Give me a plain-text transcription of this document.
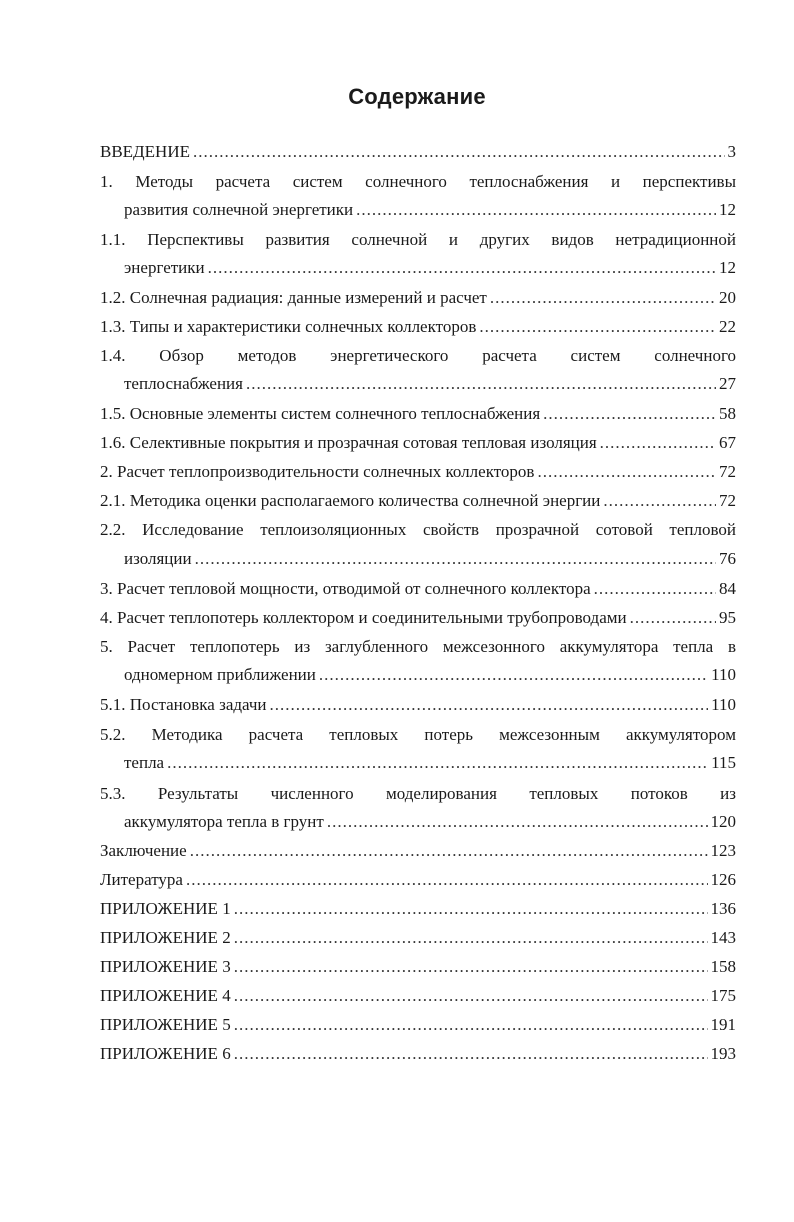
Содержание
ВВЕДЕНИЕ .....	3
1. Методы расчета систем солнечного теплоснабжения и перспективы
развития солнечной энергетики .....	12
1.1. Перспективы развития солнечной и других видов нетрадиционной
энергетики .....	12
1.2. Солнечная радиация: данные измерений и расчет .....	20
1.3. Типы и характеристики солнечных коллекторов .....	22
1.4. Обзор методов энергетического расчета систем солнечного
теплоснабжения .....	27
1.5. Основные элементы систем солнечного теплоснабжения .....	58
1.6. Селективные покрытия и прозрачная сотовая тепловая изоляция .....	67
2. Расчет теплопроизводительности солнечных коллекторов .....	72
2.1. Методика оценки располагаемого количества солнечной энергии .....	72
2.2. Исследование теплоизоляционных свойств прозрачной сотовой тепловой
изоляции .....	76
3. Расчет тепловой мощности, отводимой от солнечного коллектора .....	84
4. Расчет теплопотерь коллектором и соединительными трубопроводами .....	95
5. Расчет теплопотерь из заглубленного межсезонного аккумулятора тепла в
одномерном приближении .....	110
5.1. Постановка задачи .....	110
5.2. Методика расчета тепловых потерь межсезонным аккумулятором
тепла .....	115
5.3. Результаты численного моделирования тепловых потоков из
аккумулятора тепла в грунт .....	120
Заключение .....	123
Литература .....	126
ПРИЛОЖЕНИЕ 1 .....	136
ПРИЛОЖЕНИЕ 2 .....	143
ПРИЛОЖЕНИЕ 3 .....	158
ПРИЛОЖЕНИЕ 4 .....	175
ПРИЛОЖЕНИЕ 5 .....	191
ПРИЛОЖЕНИЕ 6 .....	193
